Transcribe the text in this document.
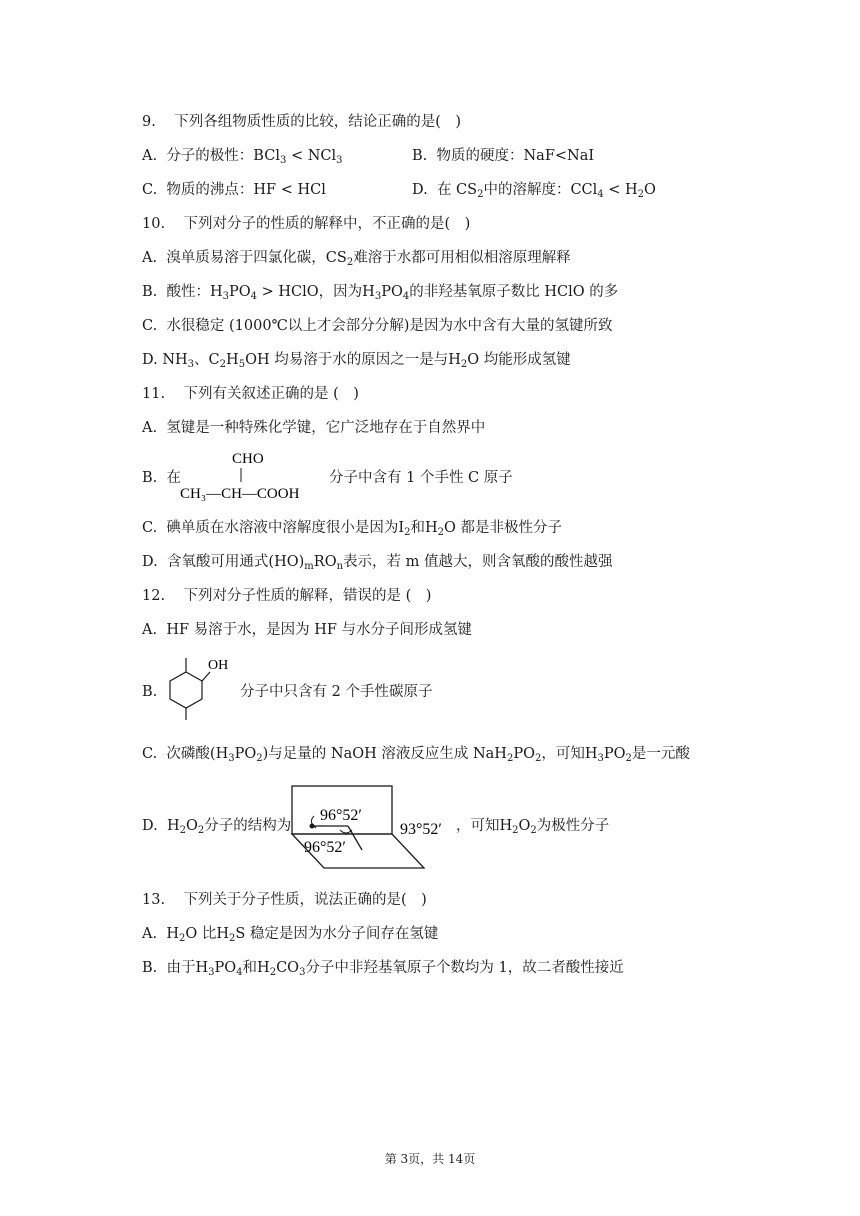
9. 下列各组物质性质的比较，结论正确的是(　)
A. 分子的极性：BCl$_3$ < NCl$_3$	B. 物质的硬度：NaF<NaI
C. 物质的沸点：HF < HCl	D. 在 $CS_2$中的溶解度：$CCl_4 < H_2O$
10. 下列对分子的性质的解释中，不正确的是(　)
A. 溴单质易溶于四氯化碳，$CS_2$难溶于水都可用相似相溶原理解释
B. 酸性：$H_3PO_4$ > HClO，因为$H_3PO_4$的非羟基氧原子数比 HClO 的多
C. 水很稳定 (1000℃以上才会部分分解)是因为水中含有大量的氢键所致
D. $NH_3$、$C_2H_5OH$ 均易溶于水的原因之一是与$H_2O$ 均能形成氢键
11. 下列有关叙述正确的是 (　)
A. 氢键是一种特殊化学键，它广泛地存在于自然界中
B. 在
CHO
CH₃—CH—COOH
分子中含有 1 个手性 C 原子
C. 碘单质在水溶液中溶解度很小是因为$I_2$和$H_2O$ 都是非极性分子
D. 含氧酸可用通式$(HO)_mRO_n$表示，若 m 值越大，则含氧酸的酸性越强
12. 下列对分子性质的解释，错误的是 (　)
A. HF 易溶于水，是因为 HF 与水分子间形成氢键
B.
OH
分子中只含有 2 个手性碳原子
C. 次磷酸$(H_3PO_2)$与足量的 NaOH 溶液反应生成 $NaH_2PO_2$，可知$H_3PO_2$是一元酸
D. $H_2O_2$分子的结构为
96°52′
96°52′
93°52′ ，可知$H_2O_2$为极性分子
13. 下列关于分子性质，说法正确的是(　)
A. $H_2O$ 比$H_2S$ 稳定是因为水分子间存在氢键
B. 由于$H_3PO_4$和$H_2CO_3$分子中非羟基氧原子个数均为 1，故二者酸性接近
第 3页，共 14页
